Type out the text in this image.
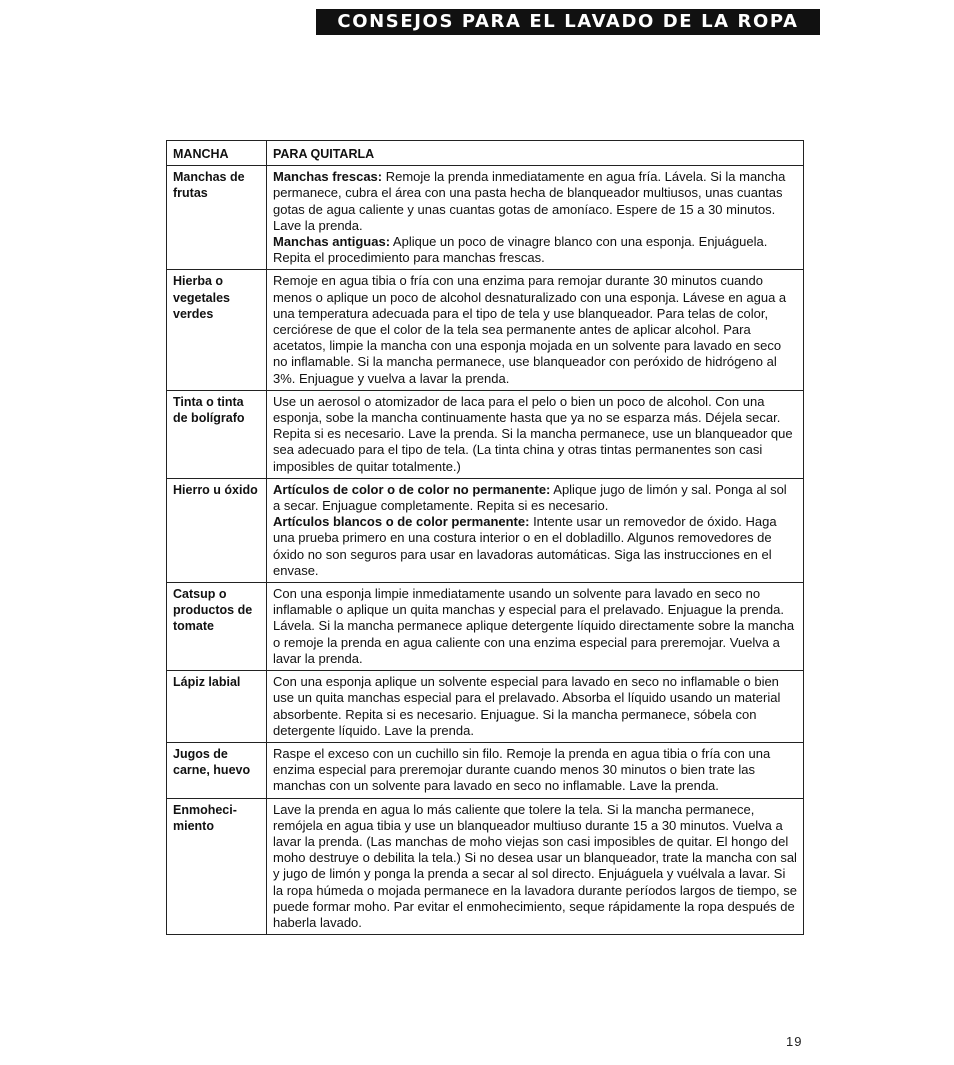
CONSEJOS PARA EL LAVADO DE LA ROPA
MANCHA	PARA QUITARLA
Manchas de frutas	Manchas frescas: Remoje la prenda inmediatamente en agua fría. Lávela. Si la mancha permanece, cubra el área con una pasta hecha de blanqueador multiusos, unas cuantas gotas de agua caliente y unas cuantas gotas de amoníaco. Espere de 15 a 30 minutos. Lave la prenda.
Manchas antiguas: Aplique un poco de vinagre blanco con una esponja. Enjuáguela. Repita el procedimiento para manchas frescas.
Hierba o vegetales verdes	Remoje en agua tibia o fría con una enzima para remojar durante 30 minutos cuando menos o aplique un poco de alcohol desnaturalizado con una esponja. Lávese en agua a una temperatura adecuada para el tipo de tela y use blanqueador. Para telas de color, cerciórese de que el color de la tela sea permanente antes de aplicar alcohol. Para acetatos, limpie la mancha con una esponja mojada en un solvente para lavado en seco no inflamable. Si la mancha permanece, use blanqueador con peróxido de hidrógeno al 3%. Enjuague y vuelva a lavar la prenda.
Tinta o tinta de bolígrafo	Use un aerosol o atomizador de laca para el pelo o bien un poco de alcohol. Con una esponja, sobe la mancha continuamente hasta que ya no se esparza más. Déjela secar. Repita si es necesario. Lave la prenda. Si la mancha permanece, use un blanqueador que sea adecuado para el tipo de tela. (La tinta china y otras tintas permanentes son casi imposibles de quitar totalmente.)
Hierro u óxido	Artículos de color o de color no permanente: Aplique jugo de limón y sal. Ponga al sol a secar. Enjuague completamente. Repita si es necesario.
Artículos blancos o de color permanente: Intente usar un removedor de óxido. Haga una prueba primero en una costura interior o en el dobladillo. Algunos removedores de óxido no son seguros para usar en lavadoras automáticas. Siga las instrucciones en el envase.
Catsup o productos de tomate	Con una esponja limpie inmediatamente usando un solvente para lavado en seco no inflamable o aplique un quita manchas y especial para el prelavado. Enjuague la prenda. Lávela. Si la mancha permanece aplique detergente líquido directamente sobre la mancha o remoje la prenda en agua caliente con una enzima especial para preremojar. Vuelva a lavar la prenda.
Lápiz labial	Con una esponja aplique un solvente especial para lavado en seco no inflamable o bien use un quita manchas especial para el prelavado. Absorba el líquido usando un material absorbente. Repita si es necesario. Enjuague. Si la mancha permanece, sóbela con detergente líquido. Lave la prenda.
Jugos de carne, huevo	Raspe el exceso con un cuchillo sin filo. Remoje la prenda en agua tibia o fría con una enzima especial para preremojar durante cuando menos 30 minutos o bien trate las manchas con un solvente para lavado en seco no inflamable. Lave la prenda.
Enmoheci- miento	Lave la prenda en agua lo más caliente que tolere la tela. Si la mancha permanece, remójela en agua tibia y use un blanqueador multiuso durante 15 a 30 minutos. Vuelva a lavar la prenda. (Las manchas de moho viejas son casi imposibles de quitar. El hongo del moho destruye o debilita la tela.) Si no desea usar un blanqueador, trate la mancha con sal y jugo de limón y ponga la prenda a secar al sol directo. Enjuáguela y vuélvala a lavar. Si la ropa húmeda o mojada permanece en la lavadora durante períodos largos de tiempo, se puede formar moho. Par evitar el enmohecimiento, seque rápidamente la ropa después de haberla lavado.
19
